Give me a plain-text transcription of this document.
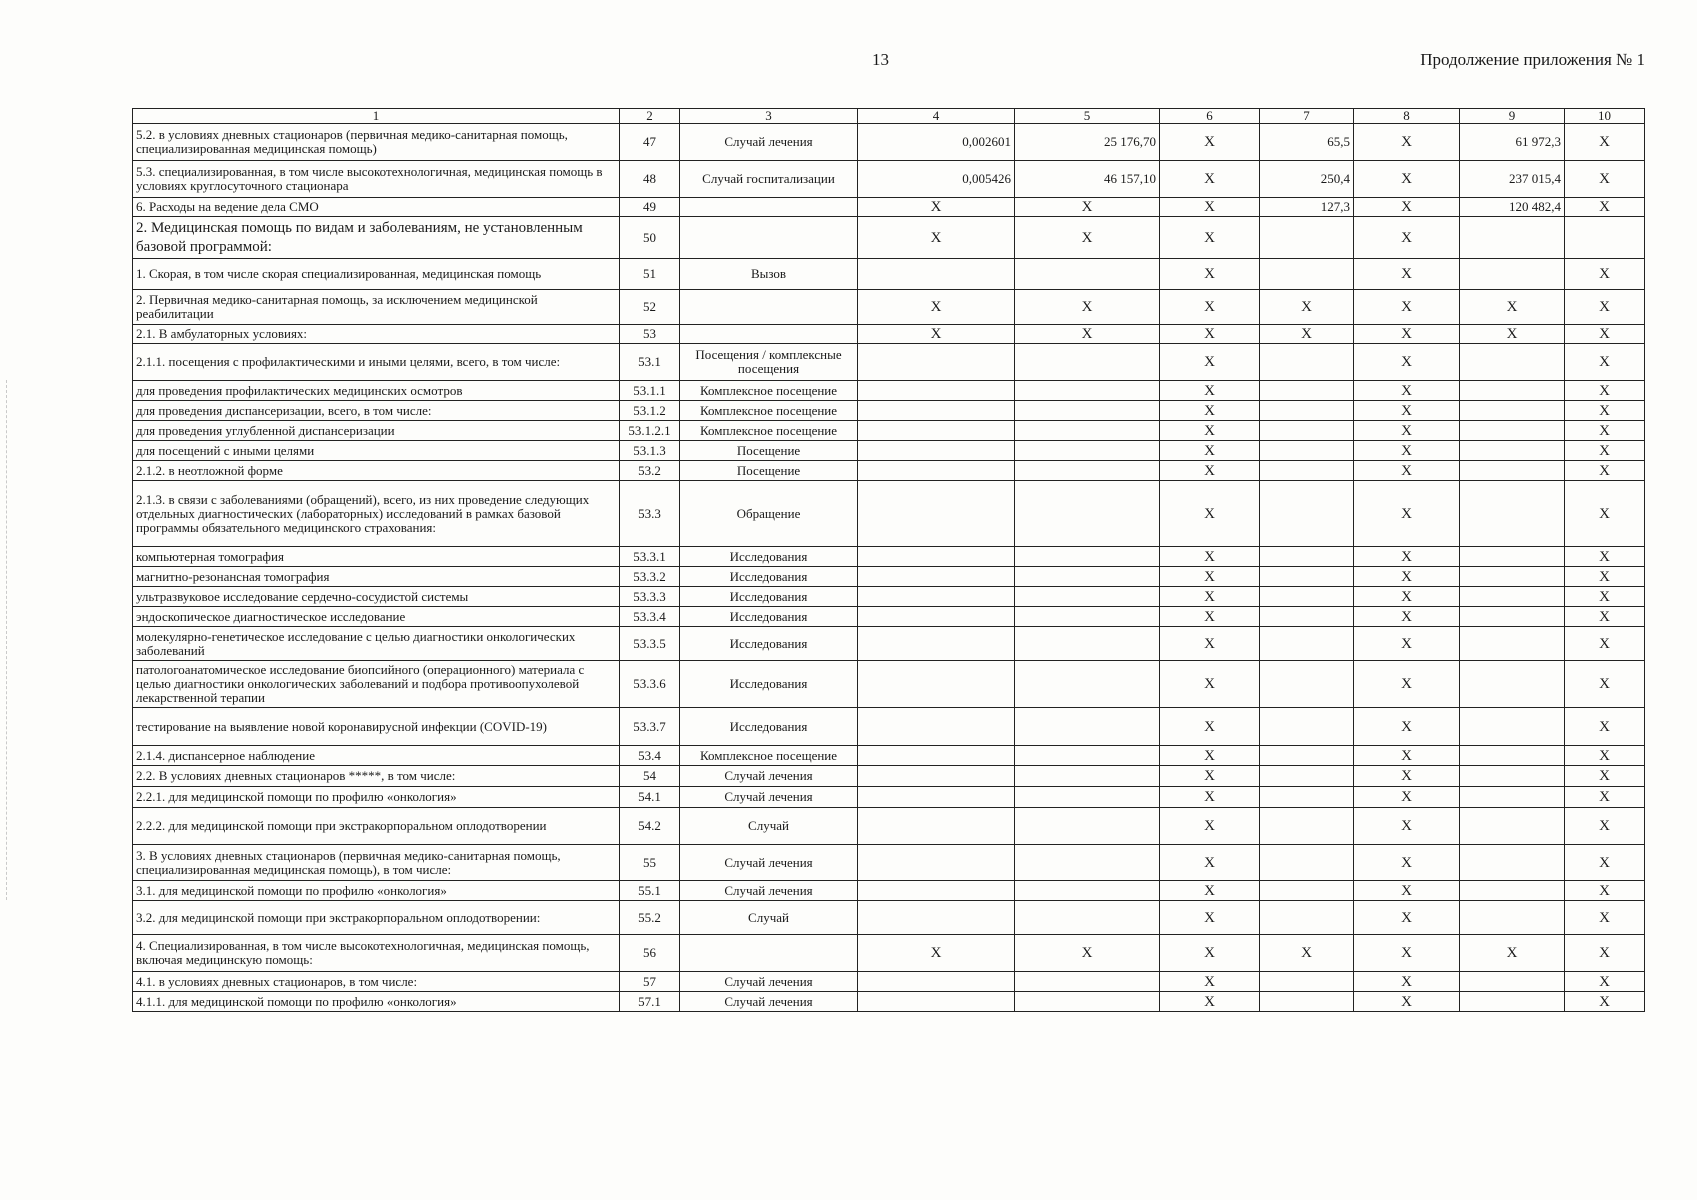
13	Продолжение приложения № 1
1	2	3	4	5	6	7	8	9	10
5.2. в условиях дневных стационаров (первичная медико-санитарная помощь, специализированная медицинская помощь)	47	Случай лечения	0,002601	25 176,70	X	65,5	X	61 972,3	X
5.3. специализированная, в том числе высокотехнологичная, медицинская помощь в условиях круглосуточного стационара	48	Случай госпитализации	0,005426	46 157,10	X	250,4	X	237 015,4	X
6. Расходы на ведение дела СМО	49		X	X	X	127,3	X	120 482,4	X
2. Медицинская помощь по видам и заболеваниям, не установленным базовой программой:	50		X	X	X		X		
1. Скорая, в том числе скорая специализированная, медицинская помощь	51	Вызов			X		X		X
2. Первичная медико-санитарная помощь, за исключением медицинской реабилитации	52		X	X	X	X	X	X	X
2.1. В амбулаторных условиях:	53		X	X	X	X	X	X	X
2.1.1. посещения с профилактическими и иными целями, всего, в том числе:	53.1	Посещения / комплексные посещения			X		X		X
для проведения профилактических медицинских осмотров	53.1.1	Комплексное посещение			X		X		X
для проведения диспансеризации, всего, в том числе:	53.1.2	Комплексное посещение			X		X		X
для проведения углубленной диспансеризации	53.1.2.1	Комплексное посещение			X		X		X
для посещений с иными целями	53.1.3	Посещение			X		X		X
2.1.2. в неотложной форме	53.2	Посещение			X		X		X
2.1.3. в связи с заболеваниями (обращений), всего, из них проведение следующих отдельных диагностических (лабораторных) исследований в рамках базовой программы обязательного медицинского страхования:	53.3	Обращение			X		X		X
компьютерная томография	53.3.1	Исследования			X		X		X
магнитно-резонансная томография	53.3.2	Исследования			X		X		X
ультразвуковое исследование сердечно-сосудистой системы	53.3.3	Исследования			X		X		X
эндоскопическое диагностическое исследование	53.3.4	Исследования			X		X		X
молекулярно-генетическое исследование с целью диагностики онкологических заболеваний	53.3.5	Исследования			X		X		X
патологоанатомическое исследование биопсийного (операционного) материала с целью диагностики онкологических заболеваний и подбора противоопухолевой лекарственной терапии	53.3.6	Исследования			X		X		X
тестирование на выявление новой коронавирусной инфекции (COVID-19)	53.3.7	Исследования			X		X		X
2.1.4. диспансерное наблюдение	53.4	Комплексное посещение			X		X		X
2.2. В условиях дневных стационаров *****, в том числе:	54	Случай лечения			X		X		X
2.2.1. для медицинской помощи по профилю «онкология»	54.1	Случай лечения			X		X		X
2.2.2. для медицинской помощи при экстракорпоральном оплодотворении	54.2	Случай			X		X		X
3. В условиях дневных стационаров (первичная медико-санитарная помощь, специализированная медицинская помощь), в том числе:	55	Случай лечения			X		X		X
3.1. для медицинской помощи по профилю «онкология»	55.1	Случай лечения			X		X		X
3.2. для медицинской помощи при экстракорпоральном оплодотворении:	55.2	Случай			X		X		X
4. Специализированная, в том числе высокотехнологичная, медицинская помощь, включая медицинскую помощь:	56		X	X	X	X	X	X	X
4.1. в условиях дневных стационаров, в том числе:	57	Случай лечения			X		X		X
4.1.1. для медицинской помощи по профилю «онкология»	57.1	Случай лечения			X		X		X
